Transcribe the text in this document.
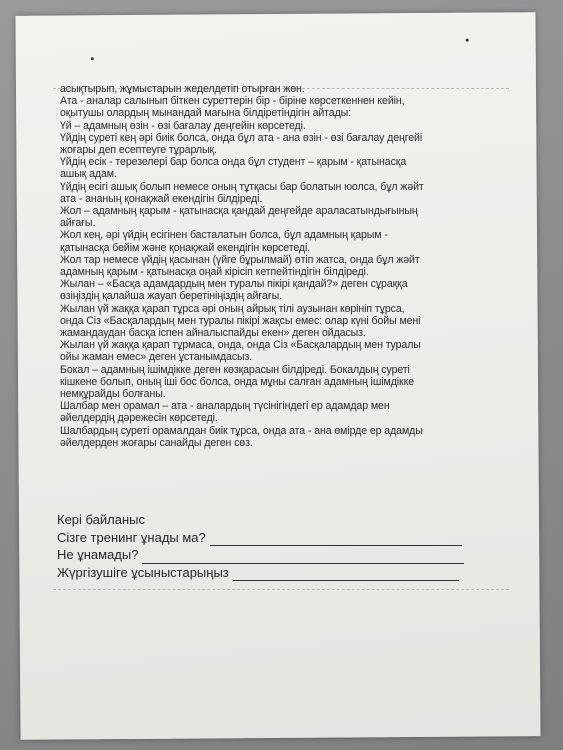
асықтырып, жұмыстарын жеделдетіп отырған жөн.
Ата - аналар салынып біткен суреттерін бір - біріне көрсеткеннен кейін,
оқытушы олардың мынандай мағына білдіретіндігін айтады:
Үй – адамның өзін - өзі бағалау деңгейін көрсетеді.
Үйдің суреті кең әрі биік болса, онда бұл ата - ана өзін - өзі бағалау деңгейі
жоғары деп есептеуге тұрарлық.
Үйдің есік - терезелері бар болса онда бұл студент – қарым - қатынасқа
ашық адам.
Үйдің есігі ашық болып немесе оның тұтқасы бар болатын юолса, бұл жәйт
ата - ананың қонақжай екендігін білдіреді.
Жол – адамның қарым - қатынасқа қандай деңгейде араласатындығының
айғағы.
Жол кең, әрі үйдің есігінен басталатын болса, бұл адамның қарым -
қатынасқа бейім және қонақжай екендігін көрсетеді.
Жол тар немесе үйдің қасынан (үйге бұрылмай) өтіп жатса, онда бұл жәйт
адамның қарым - қатынасқа оңай кірісіп кетпейтіндігін білдіреді.
Жылан – «Басқа адамдардың мен туралы пікірі қандай?» деген сұраққа
өзіңіздің қалайша жауап беретініңіздің айғағы.
Жылан үй жаққа қарап тұрса әрі оның айрық тілі аузынан көрініп тұрса,
онда Сіз «Басқалардың мен туралы пікірі жақсы емес: олар күні бойы мені
жамандаудан басқа іспен айналыспайды екен» деген ойдасыз.
Жылан үй жаққа қарап тұрмаса, онда, онда Сіз «Басқалардың мен туралы
ойы жаман емес» деген ұстанымдасыз.
Бокал – адамның ішімдікке деген көзқарасын білдіреді. Бокалдың суреті
кішкене болып, оның іші бос болса, онда мұны салған адамның ішімдікке
немқұрайды болғаны.
Шалбар мен орамал – ата - аналардың түсінігіндегі ер адамдар мен
әйелдердің дәрежесін көрсетеді.
Шалбардың суреті орамалдан биік тұрса, онда ата - ана өмірде ер адамды
әйелдерден жоғары санайды деген сөз.
Кері байланыс
Сізге тренинг ұнады ма?
Не ұнамады?
Жүргізушіге ұсыныстарыңыз
